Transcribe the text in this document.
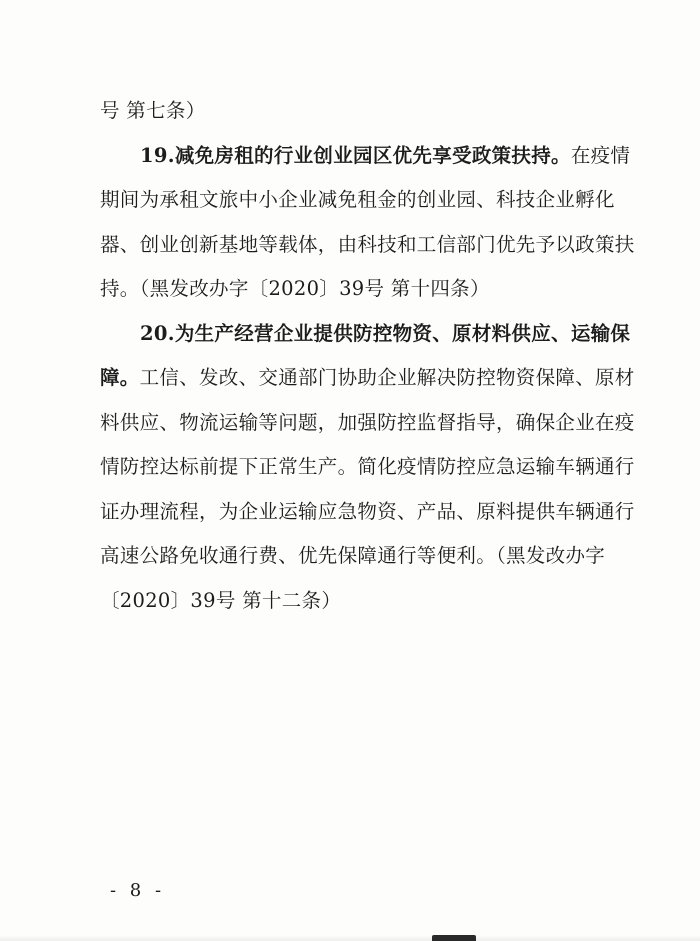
号 第七条）
19.减免房租的行业创业园区优先享受政策扶持。在疫情
期间为承租文旅中小企业减免租金的创业园、科技企业孵化
器、创业创新基地等载体，由科技和工信部门优先予以政策扶
持。（黑发改办字〔2020〕39号 第十四条）
20.为生产经营企业提供防控物资、原材料供应、运输保
障。工信、发改、交通部门协助企业解决防控物资保障、原材
料供应、物流运输等问题，加强防控监督指导，确保企业在疫
情防控达标前提下正常生产。简化疫情防控应急运输车辆通行
证办理流程，为企业运输应急物资、产品、原料提供车辆通行
高速公路免收通行费、优先保障通行等便利。（黑发改办字
〔2020〕39号 第十二条）
- 8 -
